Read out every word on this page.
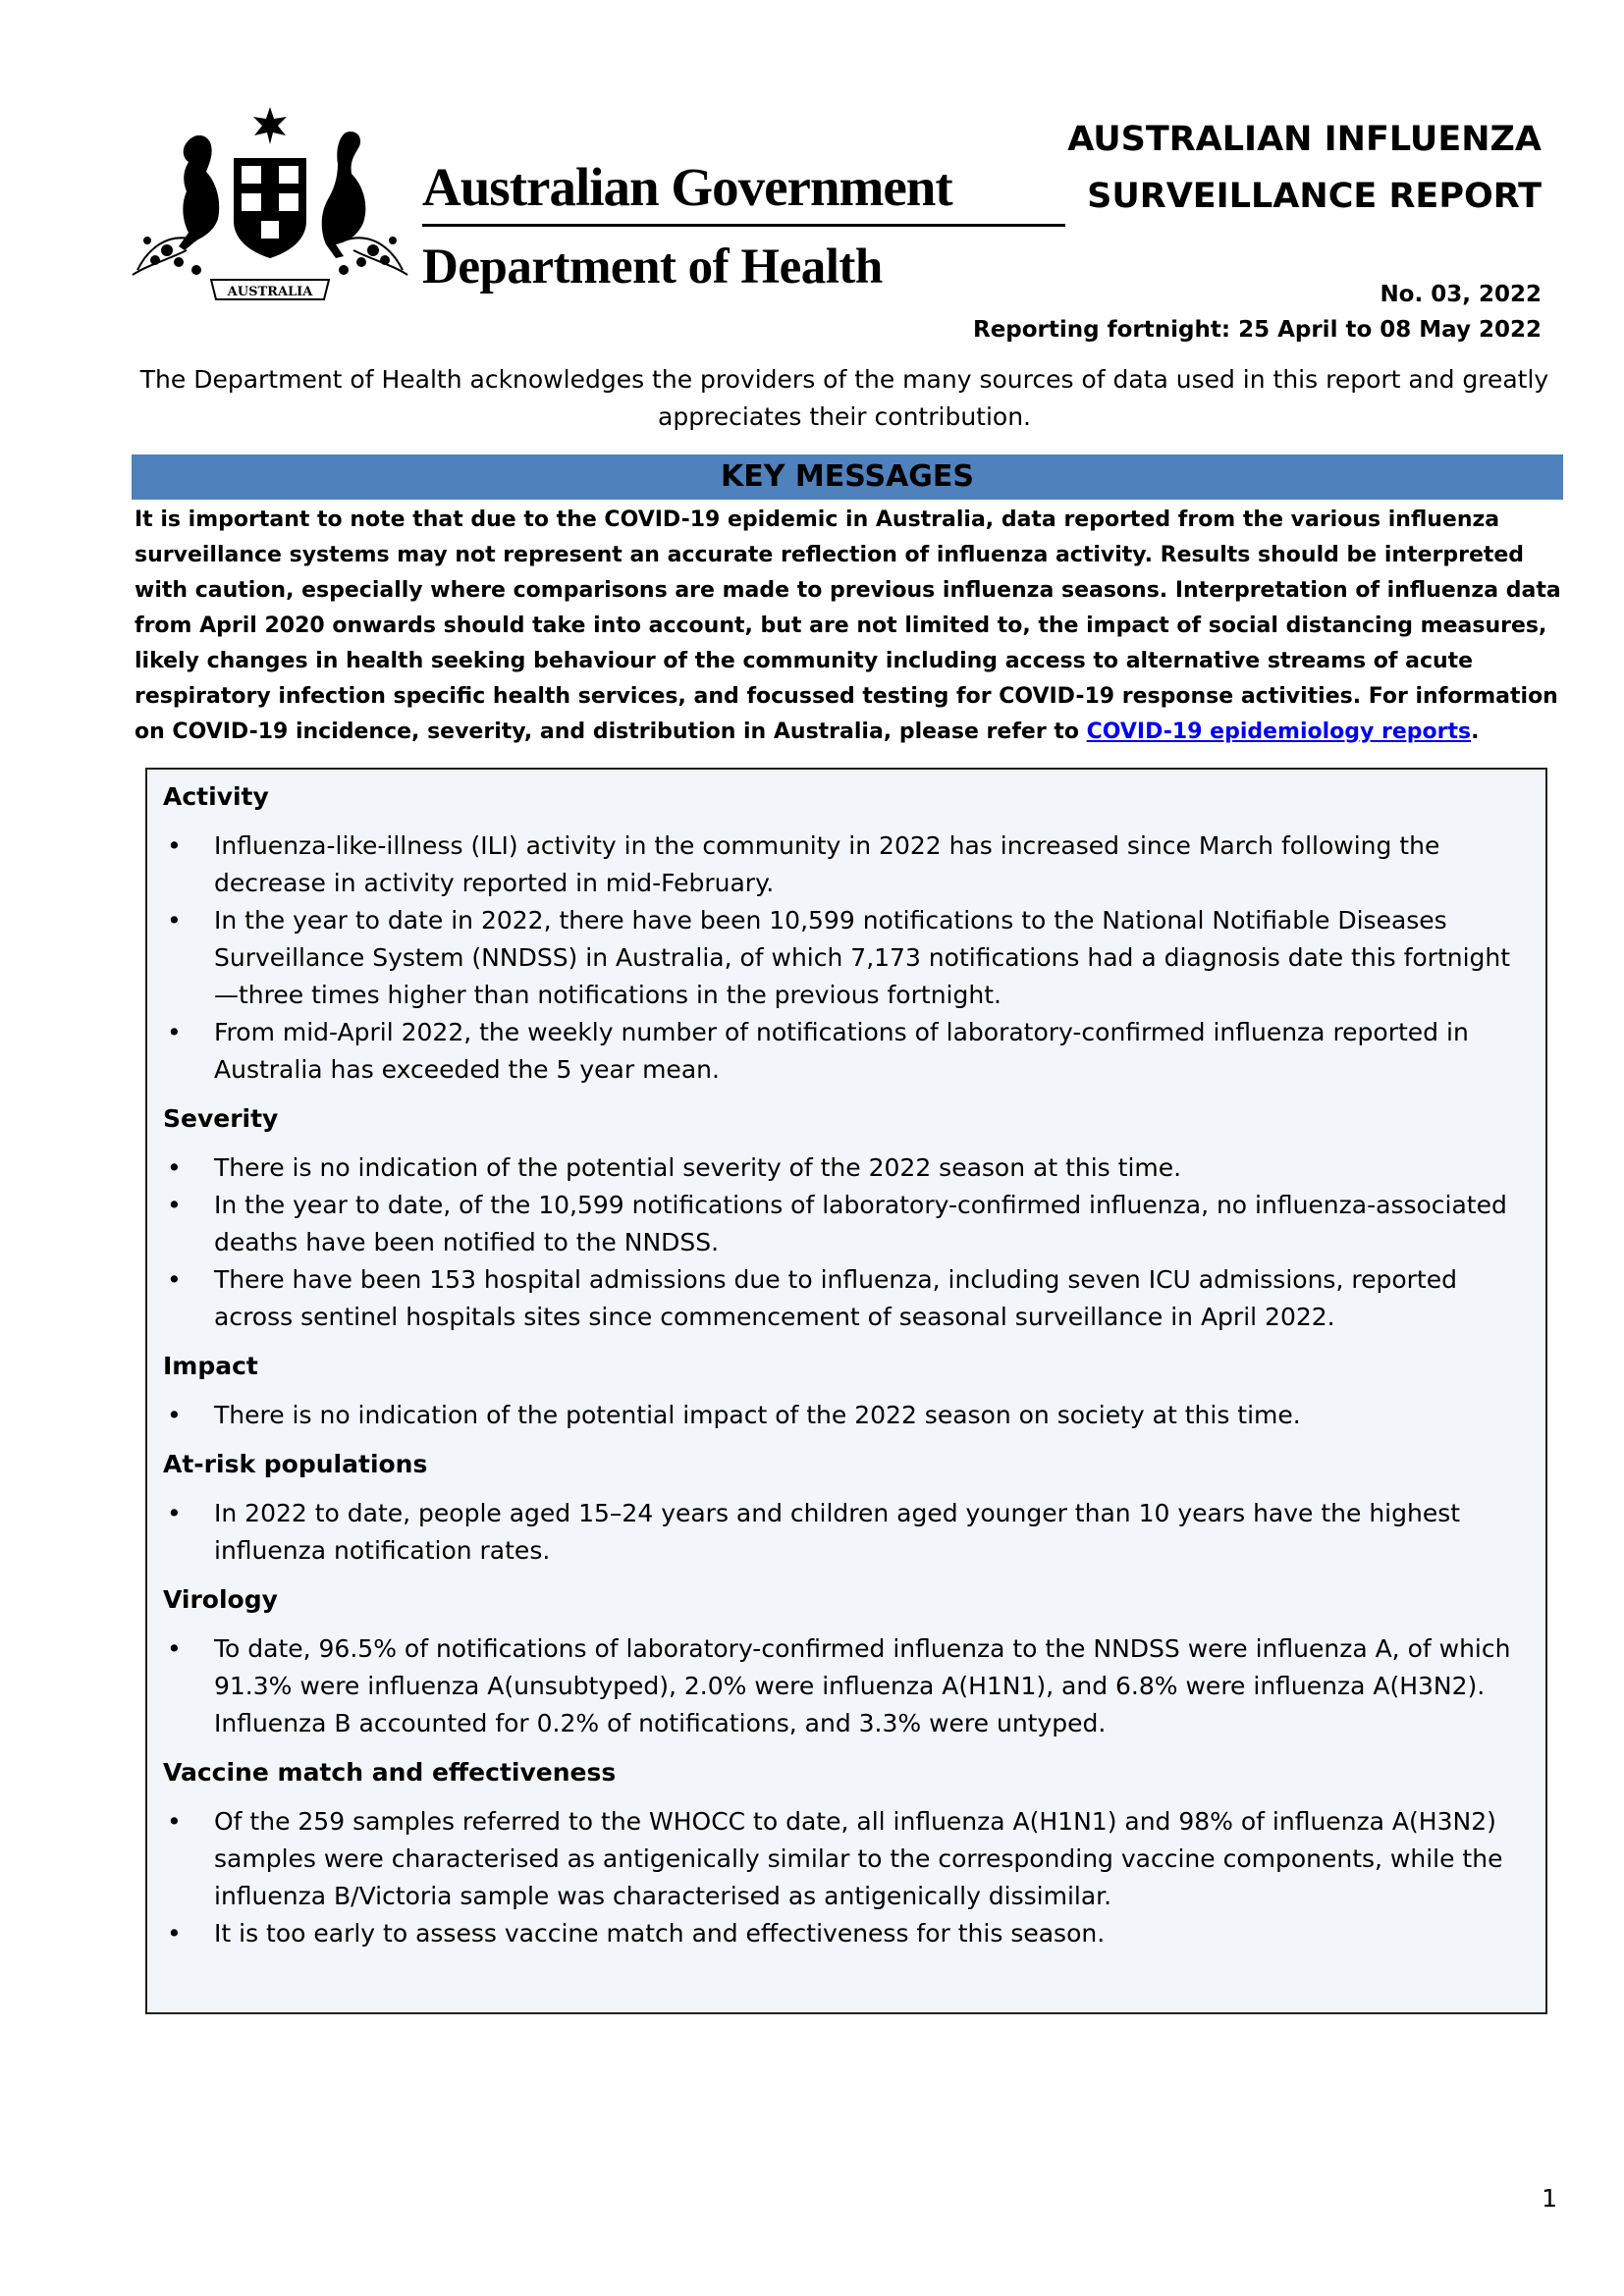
AUSTRALIA
Australian Government
Department of Health
AUSTRALIAN INFLUENZA
SURVEILLANCE REPORT
No. 03, 2022
Reporting fortnight: 25 April to 08 May 2022
The Department of Health acknowledges the providers of the many sources of data used in this report and greatly appreciates their contribution.
KEY MESSAGES
It is important to note that due to the COVID-19 epidemic in Australia, data reported from the various influenza surveillance systems may not represent an accurate reflection of influenza activity. Results should be interpreted with caution, especially where comparisons are made to previous influenza seasons. Interpretation of influenza data from April 2020 onwards should take into account, but are not limited to, the impact of social distancing measures, likely changes in health seeking behaviour of the community including access to alternative streams of acute respiratory infection specific health services, and focussed testing for COVID-19 response activities. For information on COVID-19 incidence, severity, and distribution in Australia, please refer to COVID-19 epidemiology reports.
Activity
• Influenza-like-illness (ILI) activity in the community in 2022 has increased since March following the decrease in activity reported in mid-February.
• In the year to date in 2022, there have been 10,599 notifications to the National Notifiable Diseases Surveillance System (NNDSS) in Australia, of which 7,173 notifications had a diagnosis date this fortnight—three times higher than notifications in the previous fortnight.
• From mid-April 2022, the weekly number of notifications of laboratory-confirmed influenza reported in Australia has exceeded the 5 year mean.
Severity
• There is no indication of the potential severity of the 2022 season at this time.
• In the year to date, of the 10,599 notifications of laboratory-confirmed influenza, no influenza-associated deaths have been notified to the NNDSS.
• There have been 153 hospital admissions due to influenza, including seven ICU admissions, reported across sentinel hospitals sites since commencement of seasonal surveillance in April 2022.
Impact
• There is no indication of the potential impact of the 2022 season on society at this time.
At-risk populations
• In 2022 to date, people aged 15–24 years and children aged younger than 10 years have the highest influenza notification rates.
Virology
• To date, 96.5% of notifications of laboratory-confirmed influenza to the NNDSS were influenza A, of which 91.3% were influenza A(unsubtyped), 2.0% were influenza A(H1N1), and 6.8% were influenza A(H3N2). Influenza B accounted for 0.2% of notifications, and 3.3% were untyped.
Vaccine match and effectiveness
• Of the 259 samples referred to the WHOCC to date, all influenza A(H1N1) and 98% of influenza A(H3N2) samples were characterised as antigenically similar to the corresponding vaccine components, while the influenza B/Victoria sample was characterised as antigenically dissimilar.
• It is too early to assess vaccine match and effectiveness for this season.
1
